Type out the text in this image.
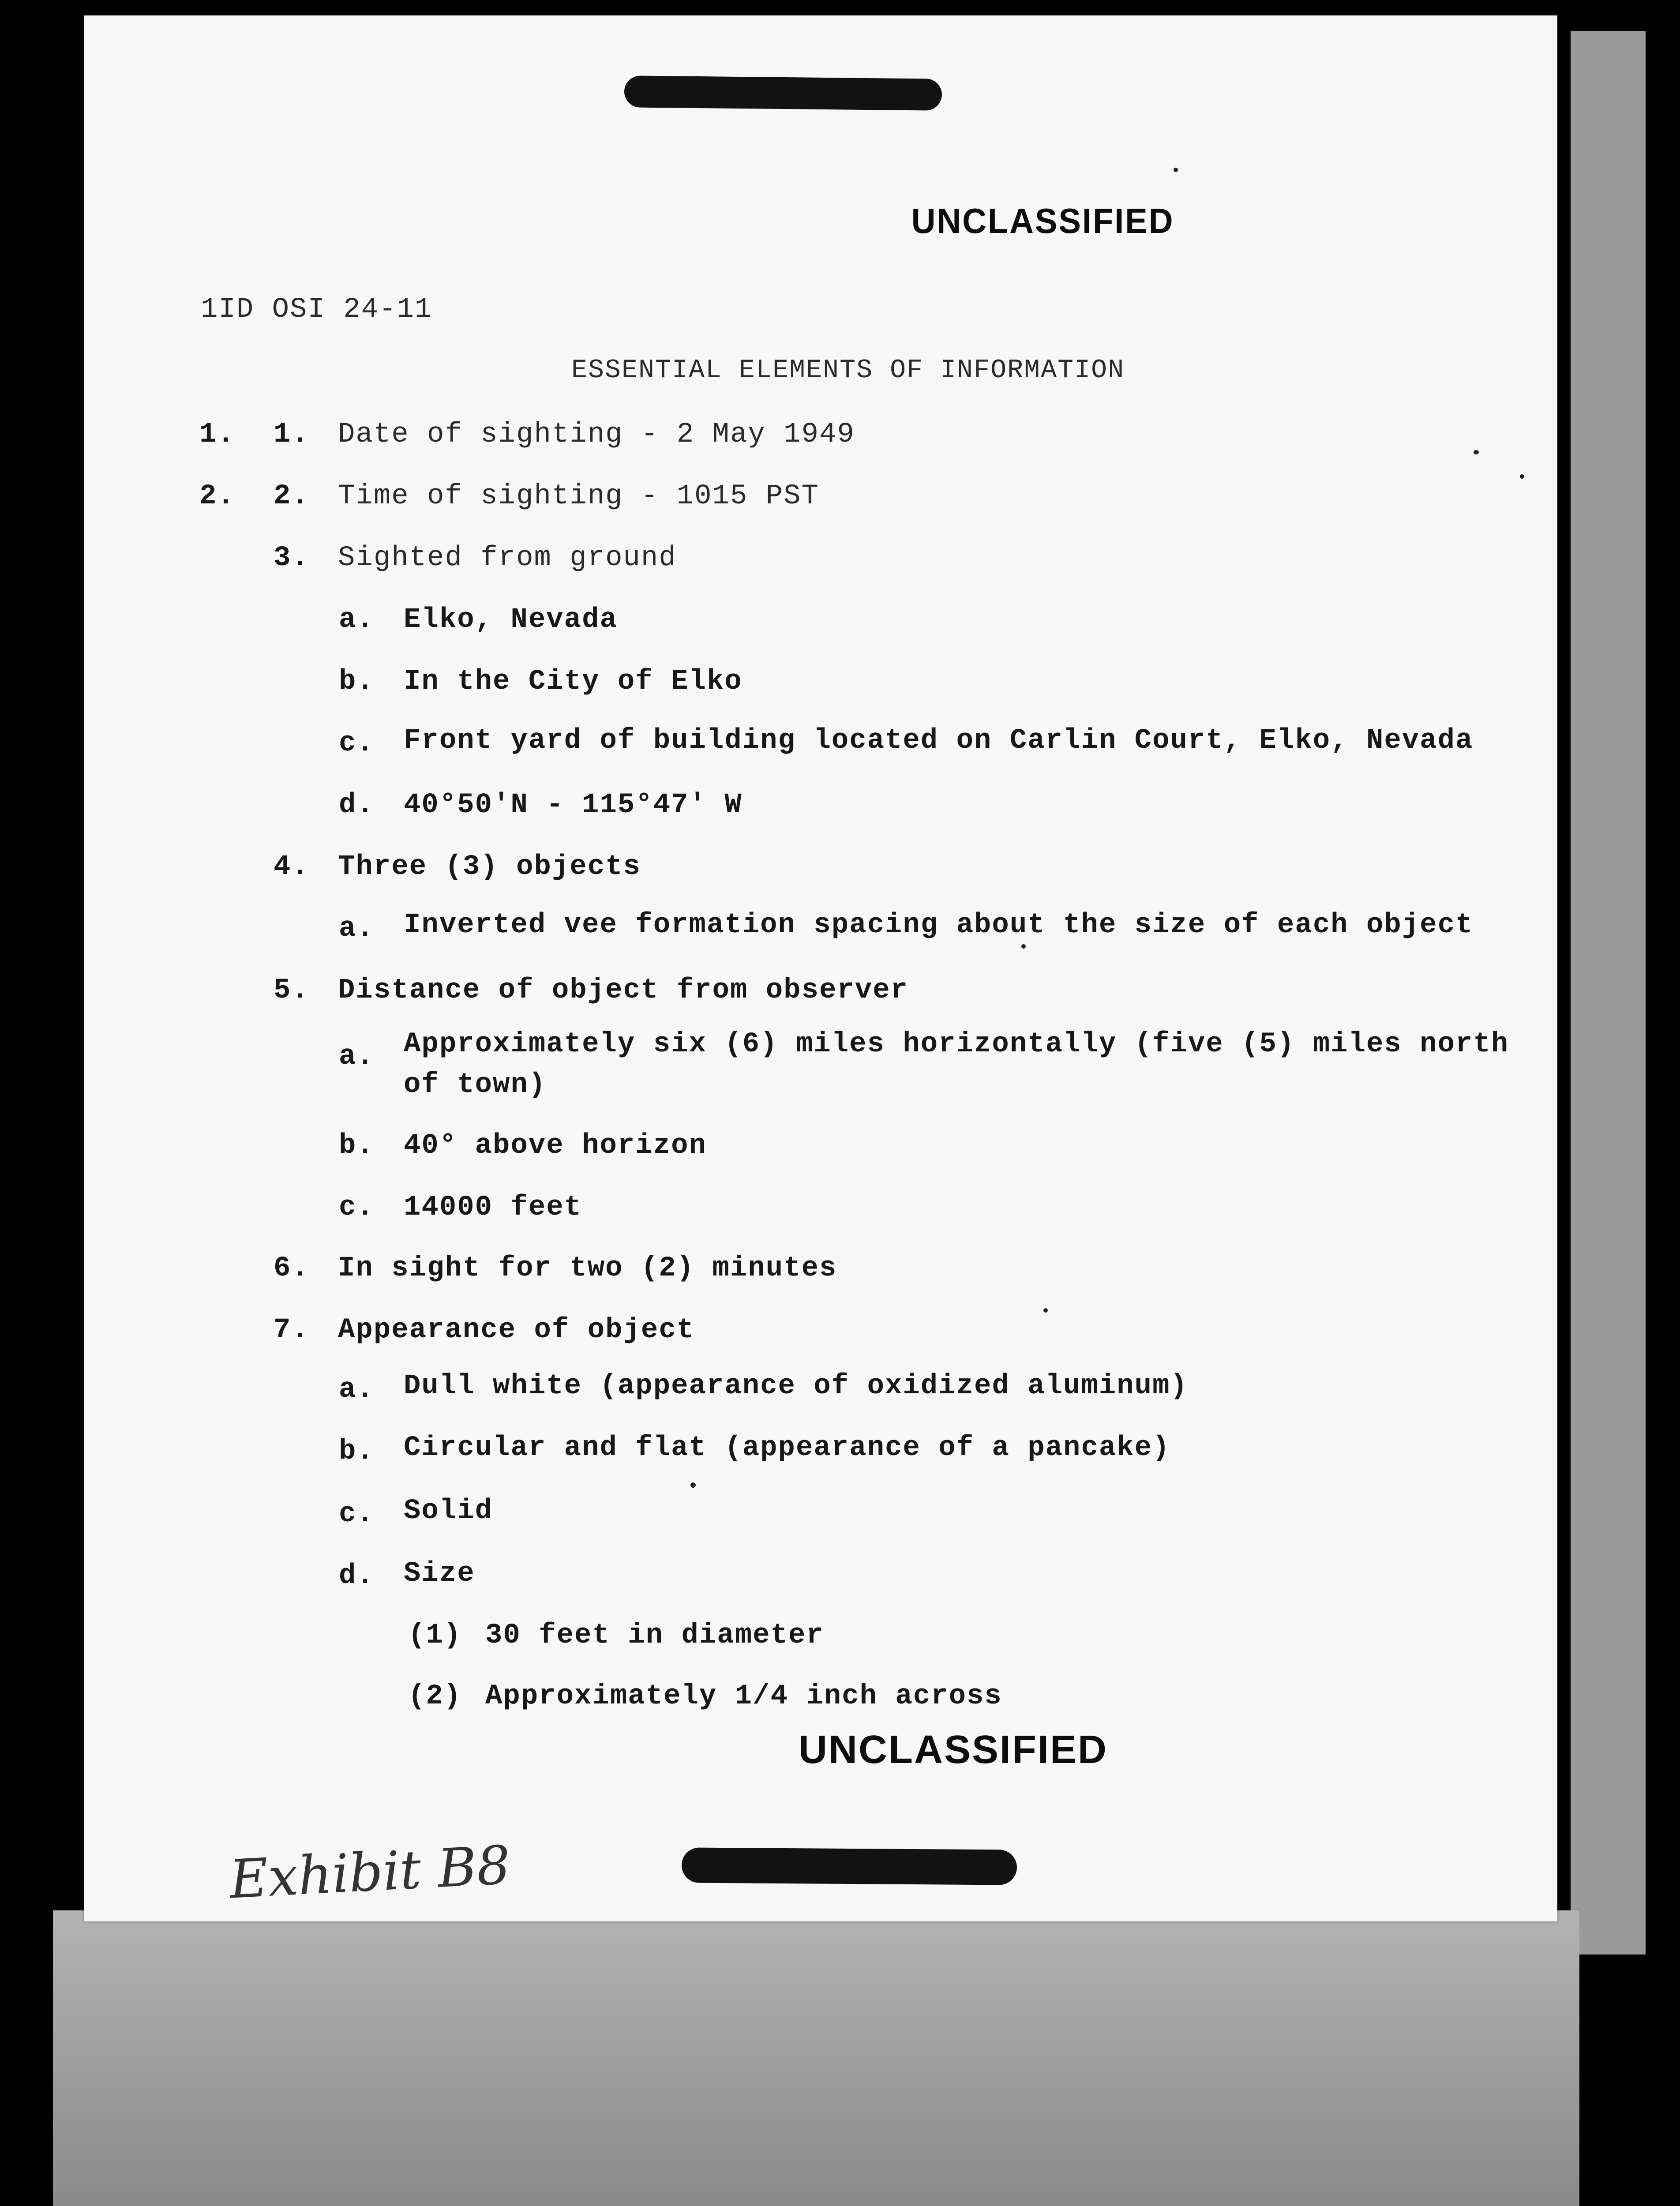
UNCLASSIFIED
1ID OSI 24-11
ESSENTIAL ELEMENTS OF INFORMATION
1. 1. Date of sighting - 2 May 1949
2. 2. Time of sighting - 1015 PST
3. Sighted from ground
a. Elko, Nevada
b. In the City of Elko
c. Front yard of building located on Carlin Court, Elko, Nevada
d. 40°50'N - 115°47' W
4. Three (3) objects
a. Inverted vee formation spacing about the size of each object
5. Distance of object from observer
a. Approximately six (6) miles horizontally (five (5) miles north
of town)
b. 40° above horizon
c. 14000 feet
6. In sight for two (2) minutes
7. Appearance of object
a. Dull white (appearance of oxidized aluminum)
b. Circular and flat (appearance of a pancake)
c. Solid
d. Size
(1) 30 feet in diameter
(2) Approximately 1/4 inch across
UNCLASSIFIED
Exhibit B8
